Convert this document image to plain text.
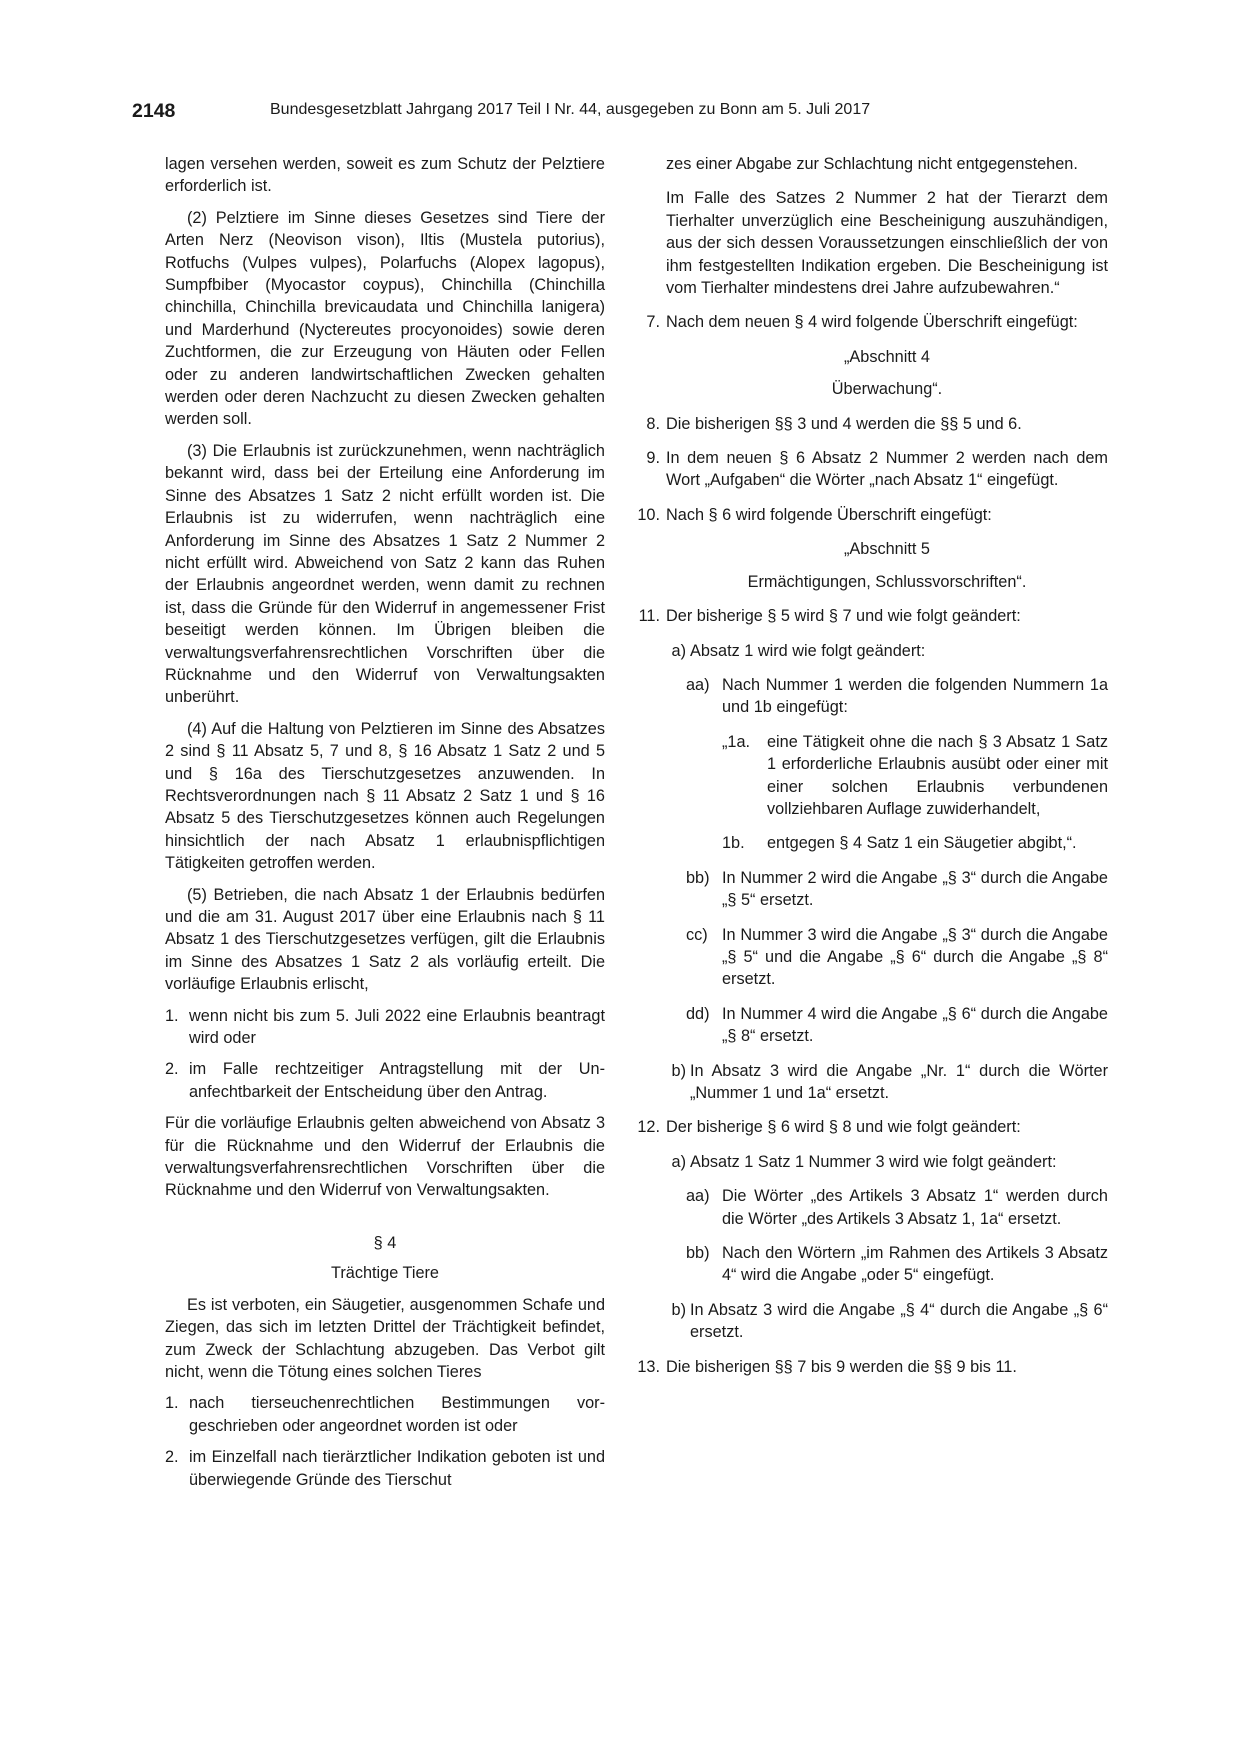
2148	Bundesgesetzblatt Jahrgang 2017 Teil I Nr. 44, ausgegeben zu Bonn am 5. Juli 2017

lagen versehen werden, soweit es zum Schutz der Pelztiere erforderlich ist.

(2) Pelztiere im Sinne dieses Gesetzes sind Tiere der Arten Nerz (Neovison vison), Iltis (Mustela putorius), Rotfuchs (Vulpes vulpes), Polarfuchs (Alopex lagopus), Sumpfbiber (Myocastor coypus), Chinchilla (Chinchilla chinchilla, Chinchilla brevicaudata und Chinchilla lanigera) und Marderhund (Nyctereutes procyonoides) sowie deren Zuchtformen, die zur Erzeugung von Häuten oder Fellen oder zu anderen landwirtschaftlichen Zwecken gehalten werden oder deren Nachzucht zu diesen Zwecken gehalten werden soll.

(3) Die Erlaubnis ist zurückzunehmen, wenn nachträglich bekannt wird, dass bei der Erteilung eine Anforderung im Sinne des Absatzes 1 Satz 2 nicht erfüllt worden ist. Die Erlaubnis ist zu widerrufen, wenn nachträglich eine Anforderung im Sinne des Absatzes 1 Satz 2 Nummer 2 nicht erfüllt wird. Abweichend von Satz 2 kann das Ruhen der Erlaubnis angeordnet werden, wenn damit zu rechnen ist, dass die Gründe für den Widerruf in angemessener Frist beseitigt werden können. Im Übrigen bleiben die verwaltungsverfahrensrechtlichen Vorschriften über die Rücknahme und den Widerruf von Verwaltungsakten unberührt.

(4) Auf die Haltung von Pelztieren im Sinne des Absatzes 2 sind § 11 Absatz 5, 7 und 8, § 16 Absatz 1 Satz 2 und 5 und § 16a des Tierschutzgesetzes anzuwenden. In Rechtsverordnungen nach § 11 Absatz 2 Satz 1 und § 16 Absatz 5 des Tierschutzgesetzes können auch Regelungen hinsichtlich der nach Absatz 1 erlaubnispflichtigen Tätigkeiten getroffen werden.

(5) Betrieben, die nach Absatz 1 der Erlaubnis bedürfen und die am 31. August 2017 über eine Erlaubnis nach § 11 Absatz 1 des Tierschutzgesetzes verfügen, gilt die Erlaubnis im Sinne des Absatzes 1 Satz 2 als vorläufig erteilt. Die vorläufige Erlaubnis erlischt,

1. wenn nicht bis zum 5. Juli 2022 eine Erlaubnis beantragt wird oder
2. im Falle rechtzeitiger Antragstellung mit der Unanfechtbarkeit der Entscheidung über den Antrag.

Für die vorläufige Erlaubnis gelten abweichend von Absatz 3 für die Rücknahme und den Widerruf der Erlaubnis die verwaltungsverfahrensrechtlichen Vorschriften über die Rücknahme und den Widerruf von Verwaltungsakten.

§ 4

Trächtige Tiere

Es ist verboten, ein Säugetier, ausgenommen Schafe und Ziegen, das sich im letzten Drittel der Trächtigkeit befindet, zum Zweck der Schlachtung abzugeben. Das Verbot gilt nicht, wenn die Tötung eines solchen Tieres

1. nach tierseuchenrechtlichen Bestimmungen vorgeschrieben oder angeordnet worden ist oder
2. im Einzelfall nach tierärztlicher Indikation geboten ist und überwiegende Gründe des Tierschut

zes einer Abgabe zur Schlachtung nicht entgegenstehen.

Im Falle des Satzes 2 Nummer 2 hat der Tierarzt dem Tierhalter unverzüglich eine Bescheinigung auszuhändigen, aus der sich dessen Voraussetzungen einschließlich der von ihm festgestellten Indikation ergeben. Die Bescheinigung ist vom Tierhalter mindestens drei Jahre aufzubewahren.“

7. Nach dem neuen § 4 wird folgende Überschrift eingefügt:

„Abschnitt 4

Überwachung“.

8. Die bisherigen §§ 3 und 4 werden die §§ 5 und 6.
9. In dem neuen § 6 Absatz 2 Nummer 2 werden nach dem Wort „Aufgaben“ die Wörter „nach Absatz 1“ eingefügt.
10. Nach § 6 wird folgende Überschrift eingefügt:

„Abschnitt 5

Ermächtigungen, Schlussvorschriften“.

11. Der bisherige § 5 wird § 7 und wie folgt geändert:
a) Absatz 1 wird wie folgt geändert:
aa) Nach Nummer 1 werden die folgenden Nummern 1a und 1b eingefügt:
„1a.	eine Tätigkeit ohne die nach § 3 Absatz 1 Satz 1 erforderliche Erlaubnis ausübt oder einer mit einer solchen Erlaubnis verbundenen vollziehbaren Auflage zuwiderhandelt,
1b.	entgegen § 4 Satz 1 ein Säugetier abgibt,“.
bb) In Nummer 2 wird die Angabe „§ 3“ durch die Angabe „§ 5“ ersetzt.
cc) In Nummer 3 wird die Angabe „§ 3“ durch die Angabe „§ 5“ und die Angabe „§ 6“ durch die Angabe „§ 8“ ersetzt.
dd) In Nummer 4 wird die Angabe „§ 6“ durch die Angabe „§ 8“ ersetzt.
b) In Absatz 3 wird die Angabe „Nr. 1“ durch die Wörter „Nummer 1 und 1a“ ersetzt.
12. Der bisherige § 6 wird § 8 und wie folgt geändert:
a) Absatz 1 Satz 1 Nummer 3 wird wie folgt geändert:
aa) Die Wörter „des Artikels 3 Absatz 1“ werden durch die Wörter „des Artikels 3 Absatz 1, 1a“ ersetzt.
bb) Nach den Wörtern „im Rahmen des Artikels 3 Absatz 4“ wird die Angabe „oder 5“ eingefügt.
b) In Absatz 3 wird die Angabe „§ 4“ durch die Angabe „§ 6“ ersetzt.
13. Die bisherigen §§ 7 bis 9 werden die §§ 9 bis 11.
